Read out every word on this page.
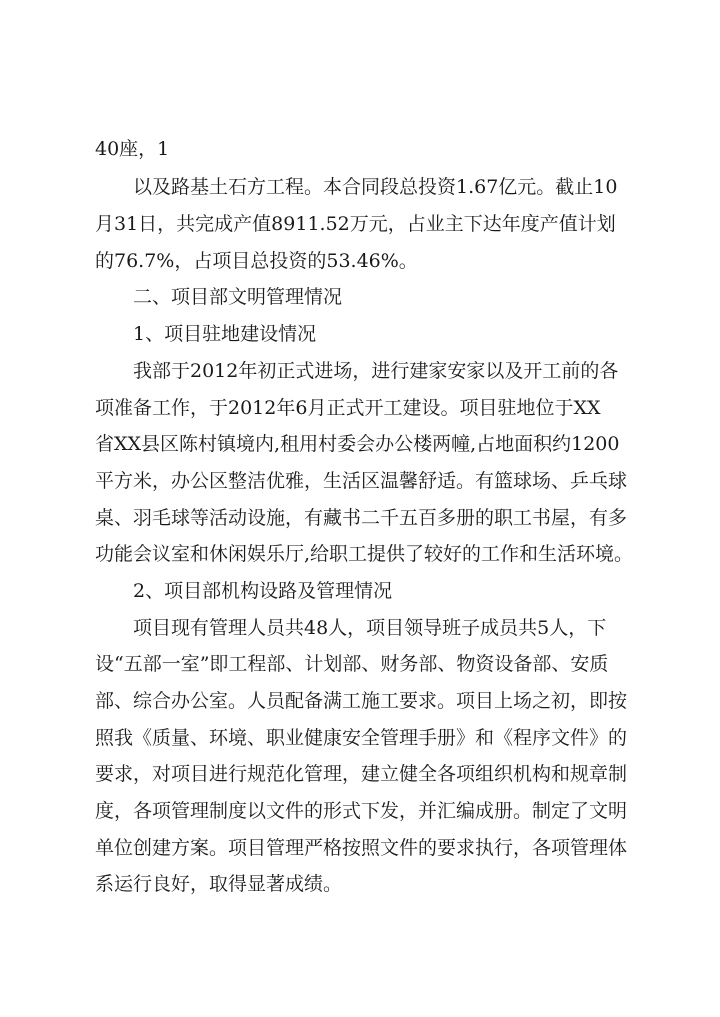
40座，1
以及路基土石方工程。本合同段总投资1.67亿元。截止10
月31日，共完成产值8911.52万元，占业主下达年度产值计划
的76.7%，占项目总投资的53.46%。
二、项目部文明管理情况
1、项目驻地建设情况
我部于2012年初正式进场，进行建家安家以及开工前的各
项准备工作，于2012年6月正式开工建设。项目驻地位于XX
省XX县区陈村镇境内,租用村委会办公楼两幢,占地面积约1200
平方米，办公区整洁优雅，生活区温馨舒适。有篮球场、乒乓球
桌、羽毛球等活动设施，有藏书二千五百多册的职工书屋，有多
功能会议室和休闲娱乐厅,给职工提供了较好的工作和生活环境。
2、项目部机构设路及管理情况
项目现有管理人员共48人，项目领导班子成员共5人，下
设“五部一室”即工程部、计划部、财务部、物资设备部、安质
部、综合办公室。人员配备满工施工要求。项目上场之初，即按
照我《质量、环境、职业健康安全管理手册》和《程序文件》的
要求，对项目进行规范化管理，建立健全各项组织机构和规章制
度，各项管理制度以文件的形式下发，并汇编成册。制定了文明
单位创建方案。项目管理严格按照文件的要求执行，各项管理体
系运行良好，取得显著成绩。
